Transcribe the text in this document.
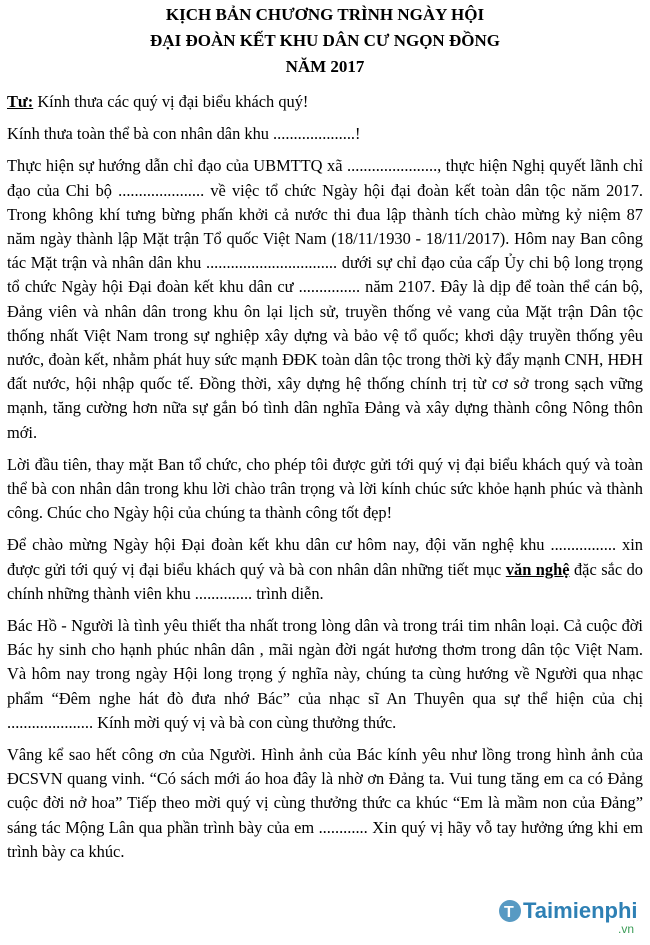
KỊCH BẢN CHƯƠNG TRÌNH NGÀY HỘI

ĐẠI ĐOÀN KẾT KHU DÂN CƯ NGỌN ĐỒNG

NĂM 2017

Tư: Kính thưa các quý vị đại biểu khách quý!

Kính thưa toàn thể bà con nhân dân khu ....................!

Thực hiện sự hướng dẫn chỉ đạo của UBMTTQ xã ......................, thực hiện Nghị quyết lãnh chỉ đạo của Chi bộ ..................... về việc tổ chức Ngày hội đại đoàn kết toàn dân tộc năm 2017. Trong không khí tưng bừng phấn khởi cả nước thi đua lập thành tích chào mừng kỷ niệm 87 năm ngày thành lập Mặt trận Tổ quốc Việt Nam (18/11/1930 - 18/11/2017). Hôm nay Ban công tác Mặt trận và nhân dân khu ................................ dưới sự chỉ đạo của cấp Ủy chi bộ long trọng tổ chức Ngày hội Đại đoàn kết khu dân cư ............... năm 2107. Đây là dịp để toàn thể cán bộ, Đảng viên và nhân dân trong khu ôn lại lịch sử, truyền thống vẻ vang của Mặt trận Dân tộc thống nhất Việt Nam trong sự nghiệp xây dựng và bảo vệ tổ quốc; khơi dậy truyền thống yêu nước, đoàn kết, nhằm phát huy sức mạnh ĐĐK toàn dân tộc trong thời kỳ đẩy mạnh CNH, HĐH đất nước, hội nhập quốc tế. Đồng thời, xây dựng hệ thống chính trị từ cơ sở trong sạch vững mạnh, tăng cường hơn nữa sự gắn bó tình dân nghĩa Đảng và xây dựng thành công Nông thôn mới.

Lời đầu tiên, thay mặt Ban tổ chức, cho phép tôi được gửi tới quý vị đại biểu khách quý và toàn thể bà con nhân dân trong khu lời chào trân trọng và lời kính chúc sức khỏe hạnh phúc và thành công. Chúc cho Ngày hội của chúng ta thành công tốt đẹp!

Để chào mừng Ngày hội Đại đoàn kết khu dân cư hôm nay, đội văn nghệ khu ................ xin được gửi tới quý vị đại biểu khách quý và bà con nhân dân những tiết mục văn nghệ đặc sắc do chính những thành viên khu .............. trình diễn.

Bác Hồ - Người là tình yêu thiết tha nhất trong lòng dân và trong trái tim nhân loại. Cả cuộc đời Bác hy sinh cho hạnh phúc nhân dân , mãi ngàn đời ngát hương thơm trong dân tộc Việt Nam. Và hôm nay trong ngày Hội long trọng ý nghĩa này, chúng ta cùng hướng về Người qua nhạc phẩm “Đêm nghe hát đò đưa nhớ Bác” của nhạc sĩ An Thuyên qua sự thể hiện của chị ..................... Kính mời quý vị và bà con cùng thưởng thức.

Vâng kể sao hết công ơn của Người. Hình ảnh của Bác kính yêu như lồng trong hình ảnh của ĐCSVN quang vinh. “Có sách mới áo hoa đây là nhờ ơn Đảng ta. Vui tung tăng em ca có Đảng cuộc đời nở hoa” Tiếp theo mời quý vị cùng thưởng thức ca khúc “Em là mầm non của Đảng” sáng tác Mộng Lân qua phần trình bày của em ............ Xin quý vị hãy vỗ tay hưởng ứng khi em trình bày ca khúc.

T Taimienphi
.vn
